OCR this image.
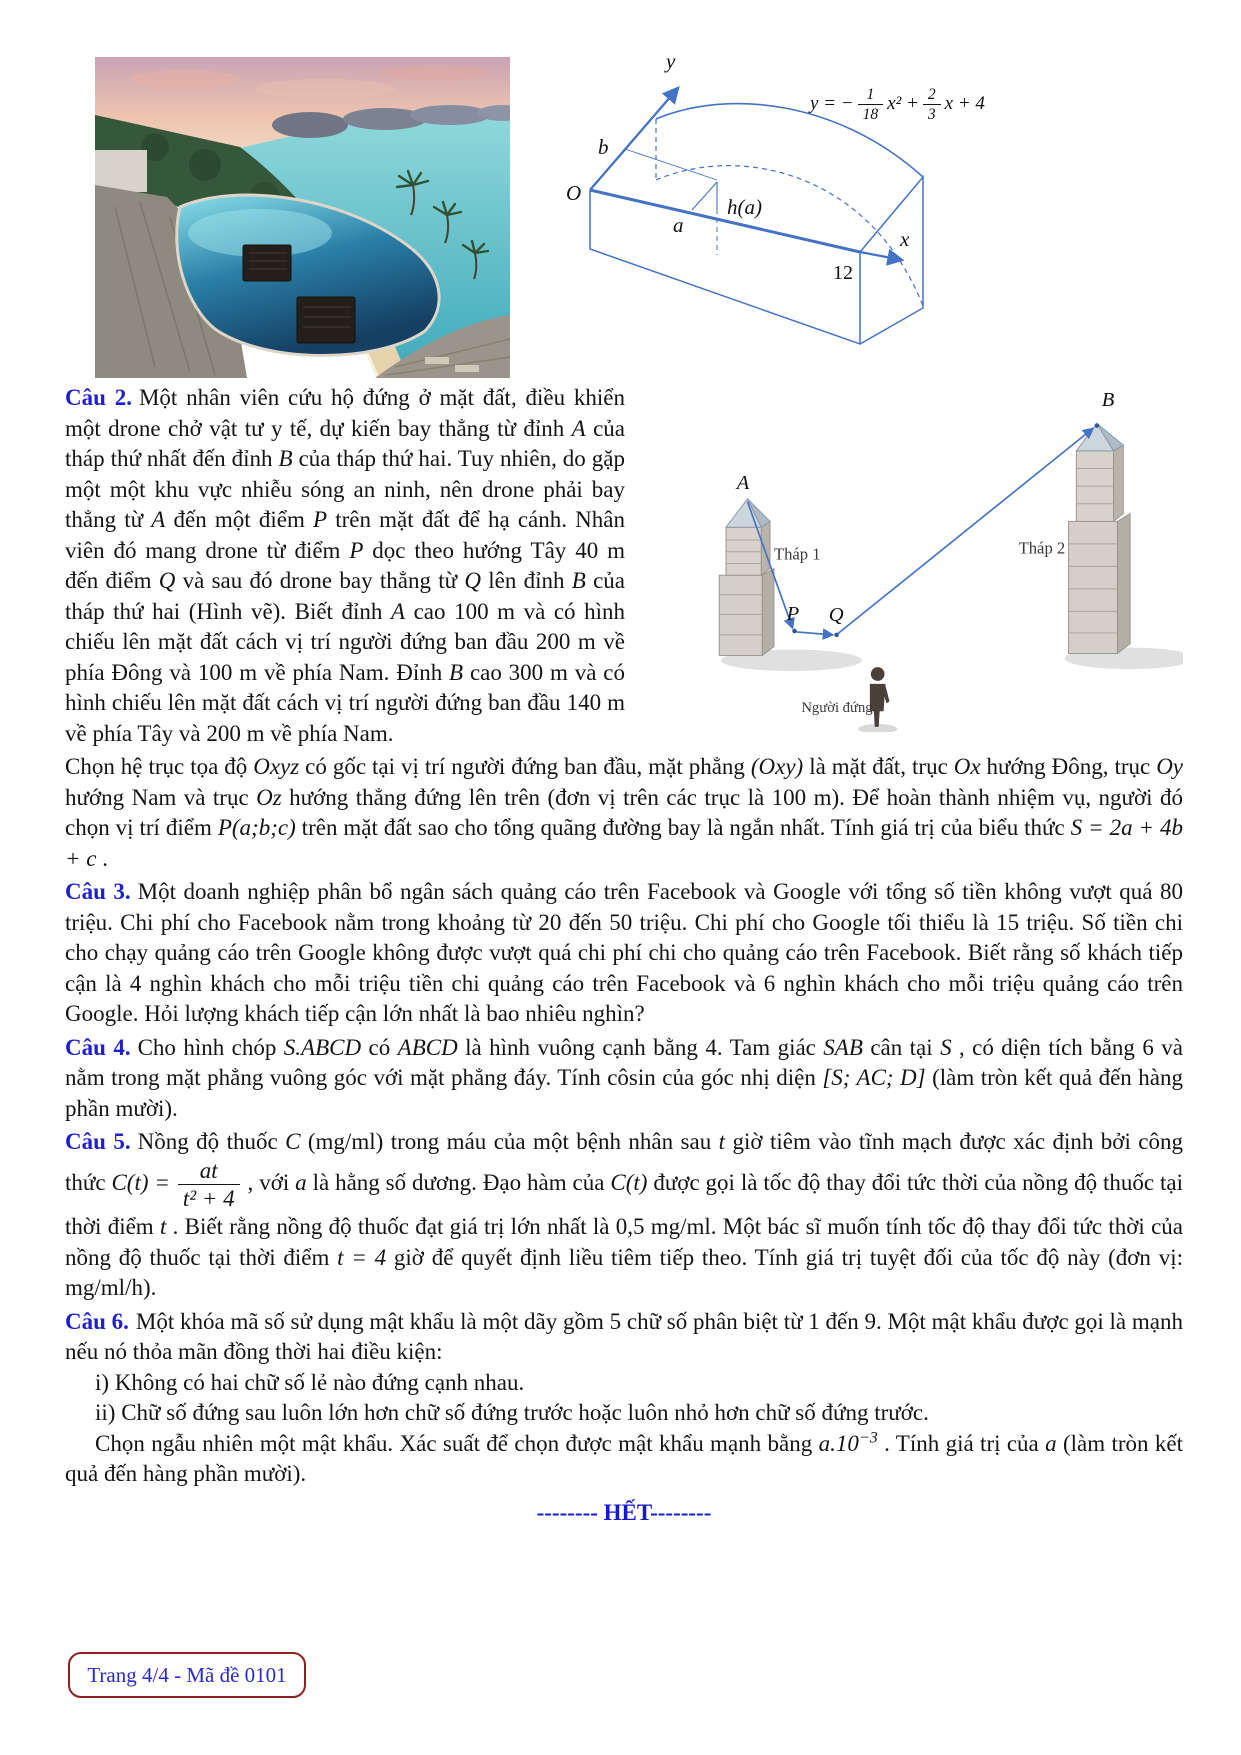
O
y
x
b
a
h(a)
12
y = − $\frac{1}{18} x^2 + \frac{2}{3}$ x + 4

Câu 2. Một nhân viên cứu hộ đứng ở mặt đất, điều khiển một drone chở vật tư y tế, dự kiến bay thẳng từ đỉnh A của tháp thứ nhất đến đỉnh B của tháp thứ hai. Tuy nhiên, do gặp một một khu vực nhiễu sóng an ninh, nên drone phải bay thẳng từ A đến một điểm P trên mặt đất để hạ cánh. Nhân viên đó mang drone từ điểm P dọc theo hướng Tây 40 m đến điểm Q và sau đó drone bay thẳng từ Q lên đỉnh B của tháp thứ hai (Hình vẽ). Biết đỉnh A cao 100 m và có hình chiếu lên mặt đất cách vị trí người đứng ban đầu 200 m về phía Đông và 100 m về phía Nam. Đỉnh B cao 300 m và có hình chiếu lên mặt đất cách vị trí người đứng ban đầu 140 m về phía Tây và 200 m về phía Nam.

A
B
P Q
Tháp 1	Tháp 2
Người đứng

Chọn hệ trục tọa độ Oxyz có gốc tại vị trí người đứng ban đầu, mặt phẳng (Oxy) là mặt đất, trục Ox hướng Đông, trục Oy hướng Nam và trục Oz hướng thẳng đứng lên trên (đơn vị trên các trục là 100 m). Để hoàn thành nhiệm vụ, người đó chọn vị trí điểm P(a;b;c) trên mặt đất sao cho tổng quãng đường bay là ngắn nhất. Tính giá trị của biểu thức S = 2a + 4b + c .

Câu 3. Một doanh nghiệp phân bổ ngân sách quảng cáo trên Facebook và Google với tổng số tiền không vượt quá 80 triệu. Chi phí cho Facebook nằm trong khoảng từ 20 đến 50 triệu. Chi phí cho Google tối thiểu là 15 triệu. Số tiền chi cho chạy quảng cáo trên Google không được vượt quá chi phí chi cho quảng cáo trên Facebook. Biết rằng số khách tiếp cận là 4 nghìn khách cho mỗi triệu tiền chi quảng cáo trên Facebook và 6 nghìn khách cho mỗi triệu quảng cáo trên Google. Hỏi lượng khách tiếp cận lớn nhất là bao nhiêu nghìn?

Câu 4. Cho hình chóp S.ABCD có ABCD là hình vuông cạnh bằng 4. Tam giác SAB cân tại S , có diện tích bằng 6 và nằm trong mặt phẳng vuông góc với mặt phẳng đáy. Tính côsin của góc nhị diện [S; AC; D] (làm tròn kết quả đến hàng phần mười).

Câu 5. Nồng độ thuốc C (mg/ml) trong máu của một bệnh nhân sau t giờ tiêm vào tĩnh mạch được xác định bởi công thức $C(t) = \frac{at}{\text{t² + 4}}$ , với a là hằng số dương. Đạo hàm của C(t) được gọi là tốc độ thay đổi tức thời của nồng độ thuốc tại thời điểm t . Biết rằng nồng độ thuốc đạt giá trị lớn nhất là 0,5 mg/ml. Một bác sĩ muốn tính tốc độ thay đổi tức thời của nồng độ thuốc tại thời điểm t = 4 giờ để quyết định liều tiêm tiếp theo. Tính giá trị tuyệt đối của tốc độ này (đơn vị: mg/ml/h).

Câu 6. Một khóa mã số sử dụng mật khẩu là một dãy gồm 5 chữ số phân biệt từ 1 đến 9. Một mật khẩu được gọi là mạnh nếu nó thỏa mãn đồng thời hai điều kiện:

i) Không có hai chữ số lẻ nào đứng cạnh nhau.

ii) Chữ số đứng sau luôn lớn hơn chữ số đứng trước hoặc luôn nhỏ hơn chữ số đứng trước.

Chọn ngẫu nhiên một mật khẩu. Xác suất để chọn được mật khẩu mạnh bằng $a.10^{-3}$ . Tính giá trị của a (làm tròn kết quả đến hàng phần mười).

-------- HẾT--------

Trang 4/4 - Mã đề 0101
